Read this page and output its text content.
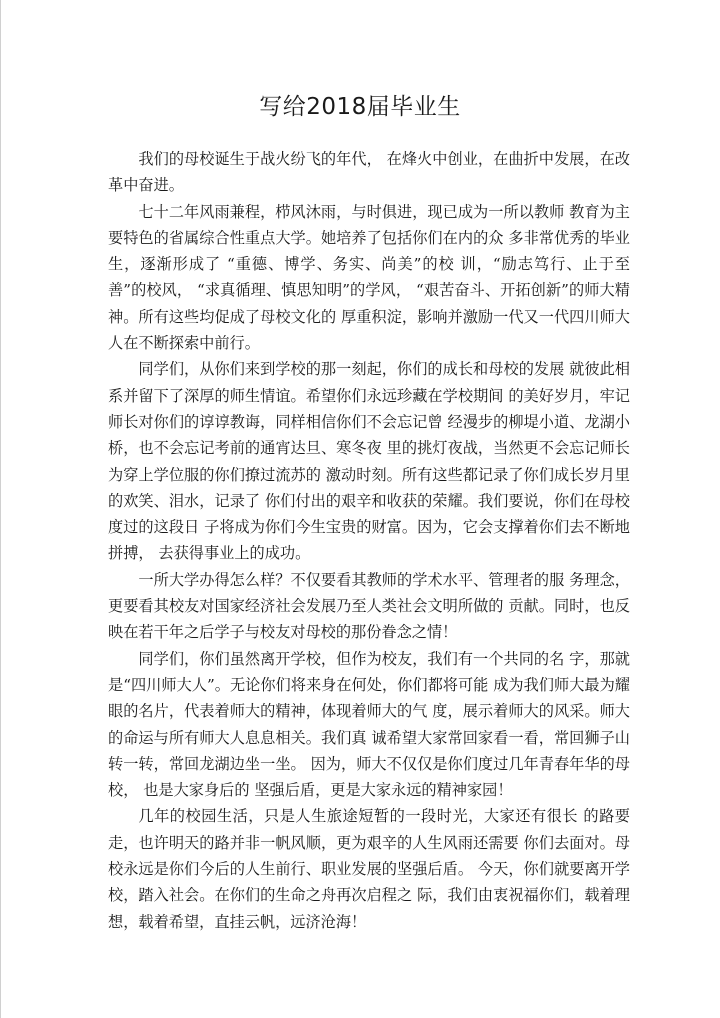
写给2018届毕业生

我们的母校诞生于战火纷飞的年代， 在烽火中创业，在曲折中发展，在改革中奋进。

七十二年风雨兼程，栉风沐雨，与时俱进，现已成为一所以教师 教育为主要特色的省属综合性重点大学。她培养了包括你们在内的众 多非常优秀的毕业生，逐渐形成了 “重德、博学、务实、尚美”的校 训，“励志笃行、止于至善”的校风， “求真循理、慎思知明”的学风， “艰苦奋斗、开拓创新”的师大精神。所有这些均促成了母校文化的 厚重积淀，影响并激励一代又一代四川师大人在不断探索中前行。

同学们，从你们来到学校的那一刻起，你们的成长和母校的发展 就彼此相系并留下了深厚的师生情谊。希望你们永远珍藏在学校期间 的美好岁月，牢记师长对你们的谆谆教诲，同样相信你们不会忘记曾 经漫步的柳堤小道、龙湖小桥，也不会忘记考前的通宵达旦、寒冬夜 里的挑灯夜战，当然更不会忘记师长为穿上学位服的你们撩过流苏的 激动时刻。所有这些都记录了你们成长岁月里的欢笑、泪水，记录了 你们付出的艰辛和收获的荣耀。我们要说，你们在母校度过的这段日 子将成为你们今生宝贵的财富。因为，它会支撑着你们去不断地拼搏， 去获得事业上的成功。

一所大学办得怎么样？不仅要看其教师的学术水平、管理者的服 务理念，更要看其校友对国家经济社会发展乃至人类社会文明所做的 贡献。同时，也反映在若干年之后学子与校友对母校的那份眷念之情！

同学们，你们虽然离开学校，但作为校友，我们有一个共同的名 字，那就是“四川师大人”。无论你们将来身在何处，你们都将可能 成为我们师大最为耀眼的名片，代表着师大的精神，体现着师大的气 度，展示着师大的风采。师大的命运与所有师大人息息相关。我们真 诚希望大家常回家看一看，常回狮子山转一转，常回龙湖边坐一坐。 因为，师大不仅仅是你们度过几年青春年华的母校， 也是大家身后的 坚强后盾，更是大家永远的精神家园！

几年的校园生活，只是人生旅途短暂的一段时光，大家还有很长 的路要走，也许明天的路并非一帆风顺，更为艰辛的人生风雨还需要 你们去面对。母校永远是你们今后的人生前行、职业发展的坚强后盾。 今天，你们就要离开学校，踏入社会。在你们的生命之舟再次启程之 际，我们由衷祝福你们，载着理想，载着希望，直挂云帆，远济沧海！
